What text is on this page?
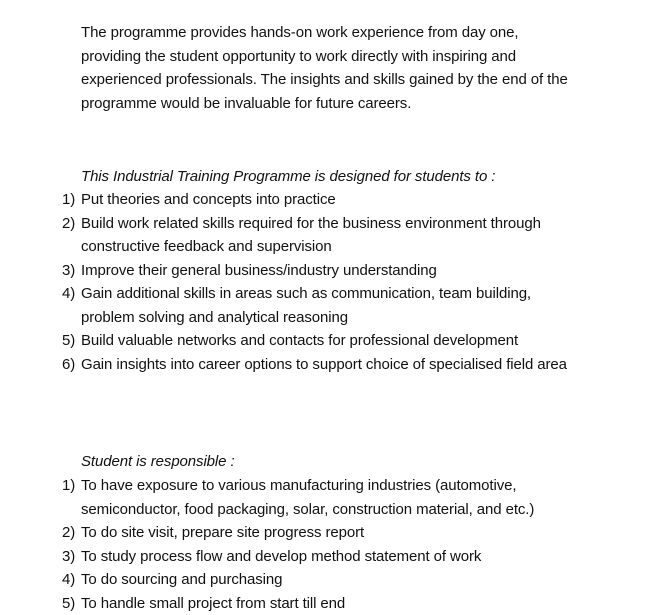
The programme provides hands-on work experience from day one,
providing the student opportunity to work directly with inspiring and
experienced professionals. The insights and skills gained by the end of the
programme would be invaluable for future careers.

This Industrial Training Programme is designed for students to :

1) Put theories and concepts into practice
2) Build work related skills required for the business environment through
constructive feedback and supervision
3) Improve their general business/industry understanding
4) Gain additional skills in areas such as communication, team building,
problem solving and analytical reasoning
5) Build valuable networks and contacts for professional development
6) Gain insights into career options to support choice of specialised field area

Student is responsible :

1) To have exposure to various manufacturing industries (automotive,
semiconductor, food packaging, solar, construction material, and etc.)
2) To do site visit, prepare site progress report
3) To study process flow and develop method statement of work
4) To do sourcing and purchasing
5) To handle small project from start till end
